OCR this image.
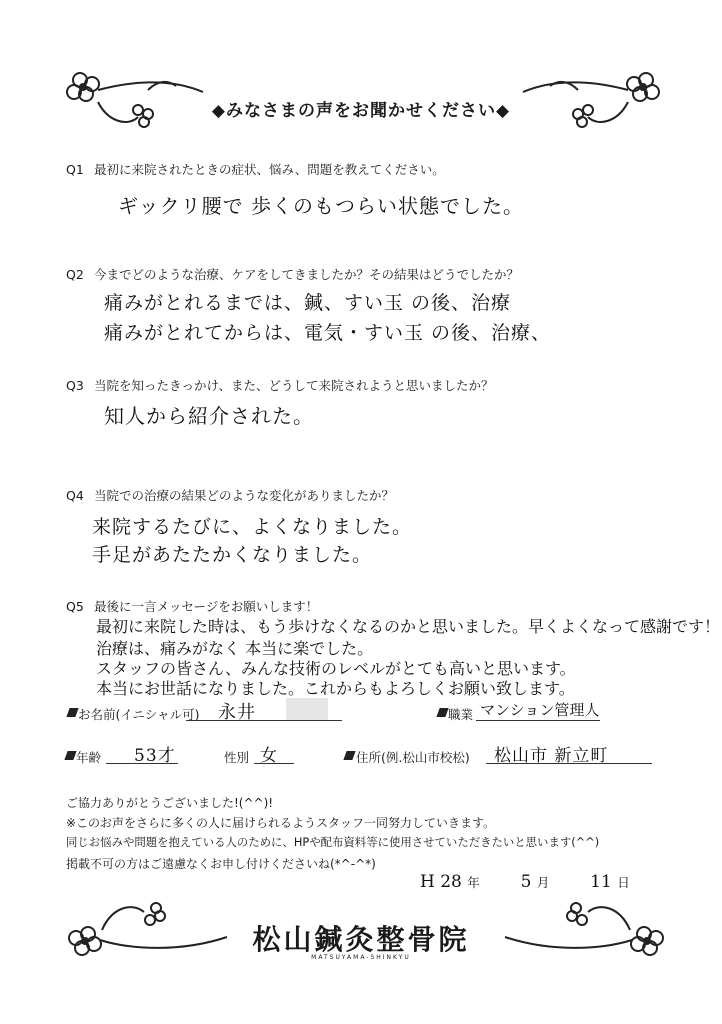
◆みなさまの声をお聞かせください◆
Q1 最初に来院されたときの症状、悩み、問題を教えてください。
ギックリ腰で 歩くのもつらい状態でした。
Q2 今までどのような治療、ケアをしてきましたか？その結果はどうでしたか？
痛みがとれるまでは、鍼、すい玉 の後、治療
痛みがとれてからは、電気・すい玉 の後、治療、
Q3 当院を知ったきっかけ、また、どうして来院されようと思いましたか？
知人から紹介された。
Q4 当院での治療の結果どのような変化がありましたか？
来院するたびに、よくなりました。
手足があたたかくなりました。
Q5 最後に一言メッセージをお願いします！
最初に来院した時は、もう歩けなくなるのかと思いました。早くよくなって感謝です！
治療は、痛みがなく 本当に楽でした。
スタッフの皆さん、みんな技術のレベルがとても高いと思います。
本当にお世話になりました。これからもよろしくお願い致します。
お名前(イニシャル可) 永井	職業 マンション管理人
年齢 53才	性別 女	住所(例.松山市校松) 松山市 新立町
ご協力ありがとうございました!(^^)!
※このお声をさらに多くの人に届けられるようスタッフ一同努力していきます。
同じお悩みや問題を抱えている人のために、HPや配布資料等に使用させていただきたいと思います(^^)
掲載不可の方はご遠慮なくお申し付けくださいね(*^-^*)
H 28 年 5 月 11 日
松山鍼灸整骨院
MATSUYAMA-SHINKYU
